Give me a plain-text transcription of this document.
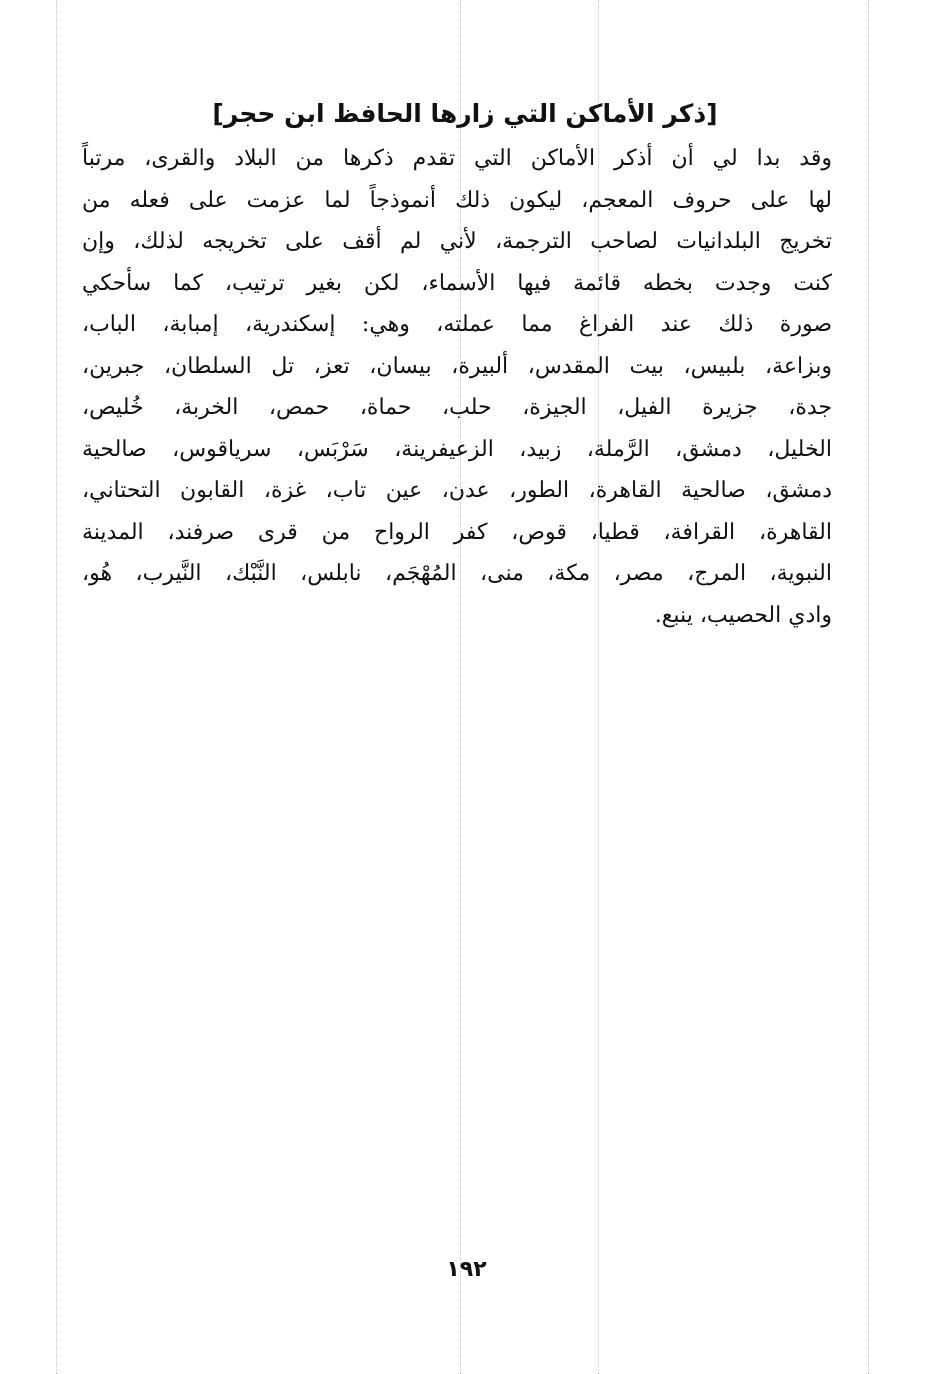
[ذكر الأماكن التي زارها الحافظ ابن حجر]
وقد بدا لي أن أذكر الأماكن التي تقدم ذكرها من البلاد والقرى، مرتباً
لها على حروف المعجم، ليكون ذلك أنموذجاً لما عزمت على فعله من
تخريج البلدانيات لصاحب الترجمة، لأني لم أقف على تخريجه لذلك، وإن
كنت وجدت بخطه قائمة فيها الأسماء، لكن بغير ترتيب، كما سأحكي
صورة ذلك عند الفراغ مما عملته، وهي: إسكندرية، إمبابة، الباب،
وبزاعة، بلبيس، بيت المقدس، ألبيرة، بيسان، تعز، تل السلطان، جبرين،
جدة، جزيرة الفيل، الجيزة، حلب، حماة، حمص، الخربة، خُليص،
الخليل، دمشق، الرَّملة، زبيد، الزعيفرينة، سَرْبَس، سرياقوس، صالحية
دمشق، صالحية القاهرة، الطور، عدن، عين تاب، غزة، القابون التحتاني،
القاهرة، القرافة، قطيا، قوص، كفر الرواح من قرى صرفند، المدينة
النبوية، المرج، مصر، مكة، منى، المُهْجَم، نابلس، النَّبْك، النَّيرب، هُو،
وادي الحصيب، ينبع.
١٩٢
